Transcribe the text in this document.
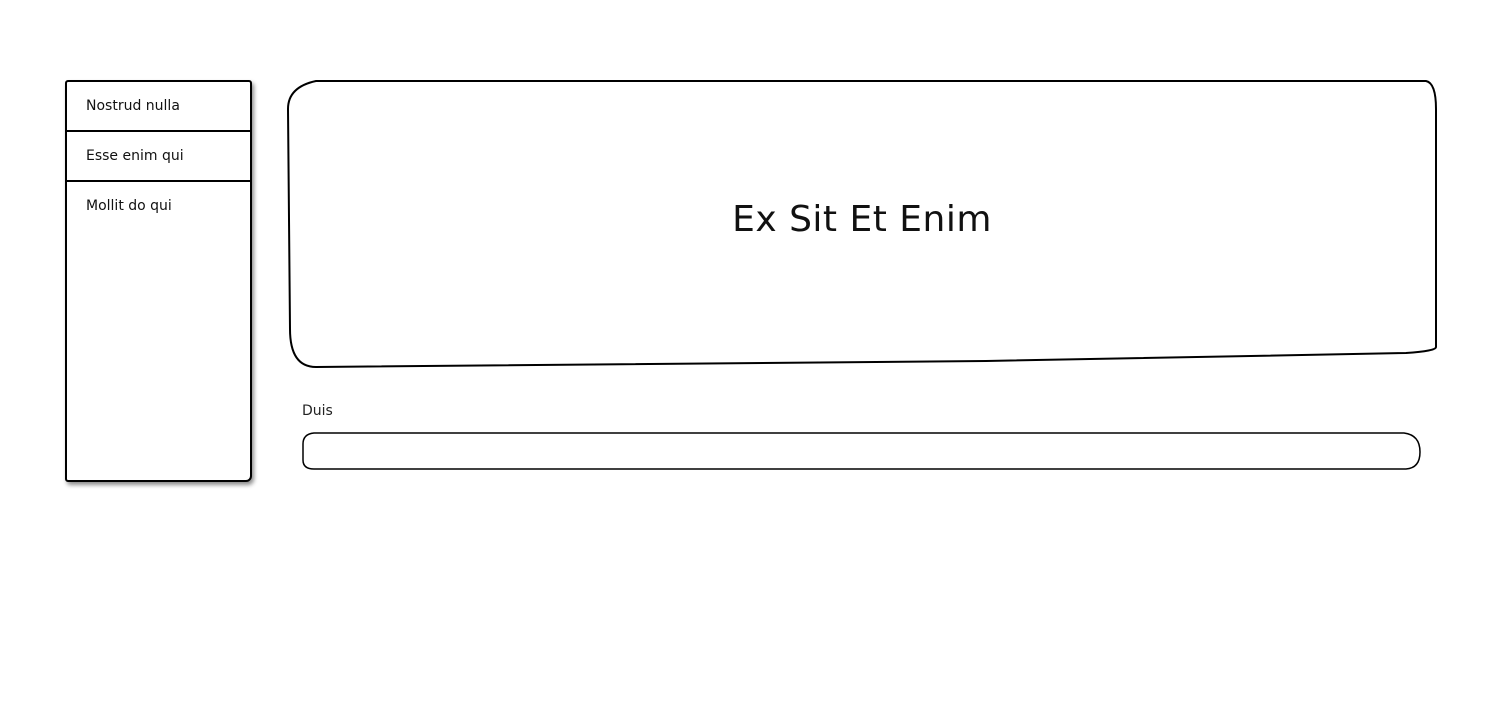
Nostrud nulla
Esse enim qui
Mollit do qui	Ex Sit Et Enim
Duis
